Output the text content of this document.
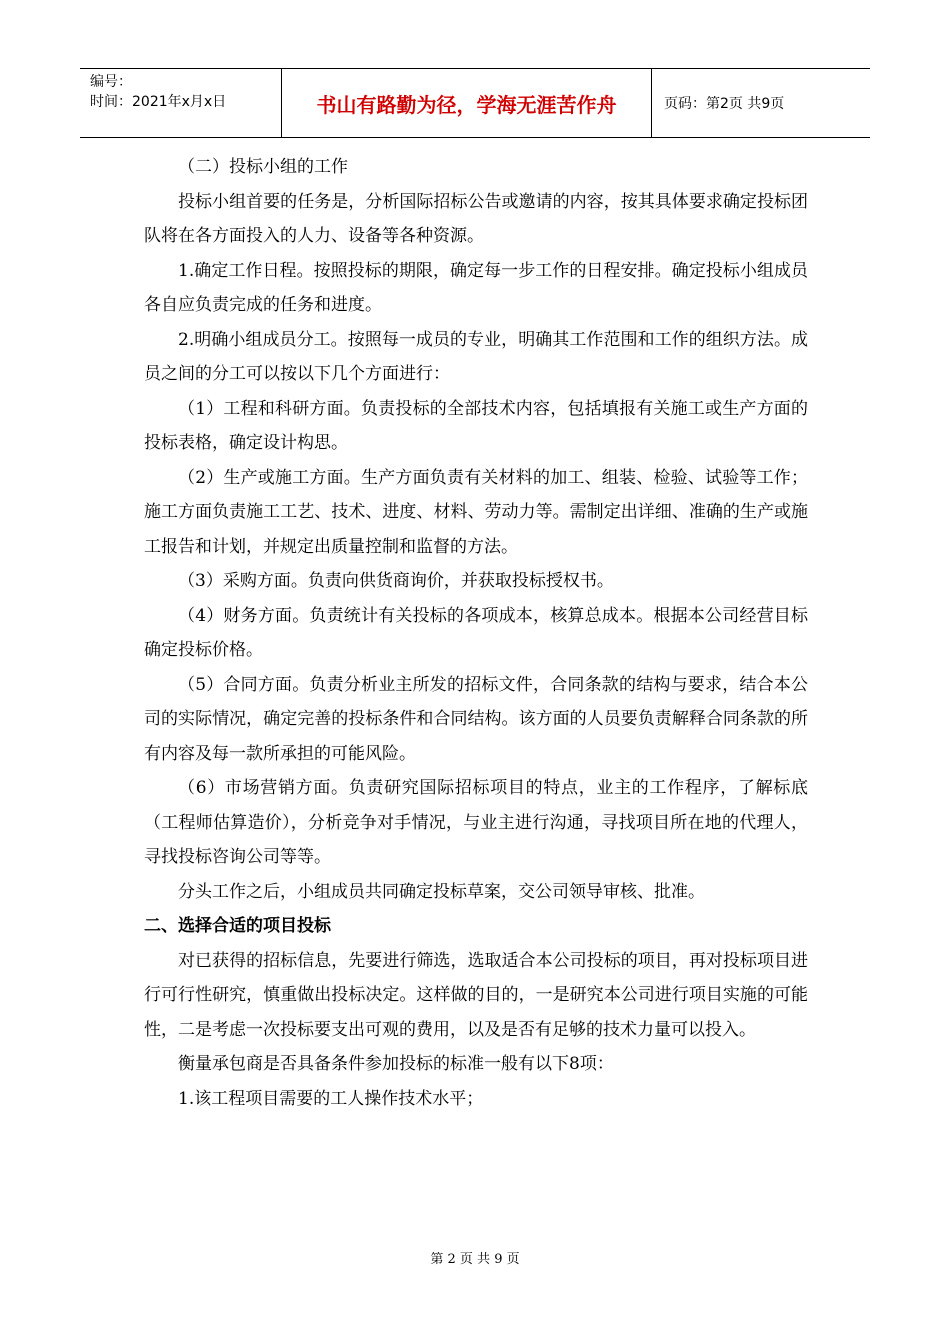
编号：
时间：2021年x月x日	书山有路勤为径，学海无涯苦作舟	页码：第2页 共9页

（二）投标小组的工作

投标小组首要的任务是，分析国际招标公告或邀请的内容，按其具体要求确定投标团队将在各方面投入的人力、设备等各种资源。

1.确定工作日程。按照投标的期限，确定每一步工作的日程安排。确定投标小组成员各自应负责完成的任务和进度。

2.明确小组成员分工。按照每一成员的专业，明确其工作范围和工作的组织方法。成员之间的分工可以按以下几个方面进行：

（1）工程和科研方面。负责投标的全部技术内容，包括填报有关施工或生产方面的投标表格，确定设计构思。

（2）生产或施工方面。生产方面负责有关材料的加工、组装、检验、试验等工作；施工方面负责施工工艺、技术、进度、材料、劳动力等。需制定出详细、准确的生产或施工报告和计划，并规定出质量控制和监督的方法。

（3）采购方面。负责向供货商询价，并获取投标授权书。

（4）财务方面。负责统计有关投标的各项成本，核算总成本。根据本公司经营目标确定投标价格。

（5）合同方面。负责分析业主所发的招标文件，合同条款的结构与要求，结合本公司的实际情况，确定完善的投标条件和合同结构。该方面的人员要负责解释合同条款的所有内容及每一款所承担的可能风险。

（6）市场营销方面。负责研究国际招标项目的特点，业主的工作程序，了解标底（工程师估算造价），分析竞争对手情况，与业主进行沟通，寻找项目所在地的代理人，寻找投标咨询公司等等。

分头工作之后，小组成员共同确定投标草案，交公司领导审核、批准。

二、选择合适的项目投标

对已获得的招标信息，先要进行筛选，选取适合本公司投标的项目，再对投标项目进行可行性研究，慎重做出投标决定。这样做的目的，一是研究本公司进行项目实施的可能性，二是考虑一次投标要支出可观的费用，以及是否有足够的技术力量可以投入。

衡量承包商是否具备条件参加投标的标准一般有以下8项：

1.该工程项目需要的工人操作技术水平；

第 2 页 共 9 页
